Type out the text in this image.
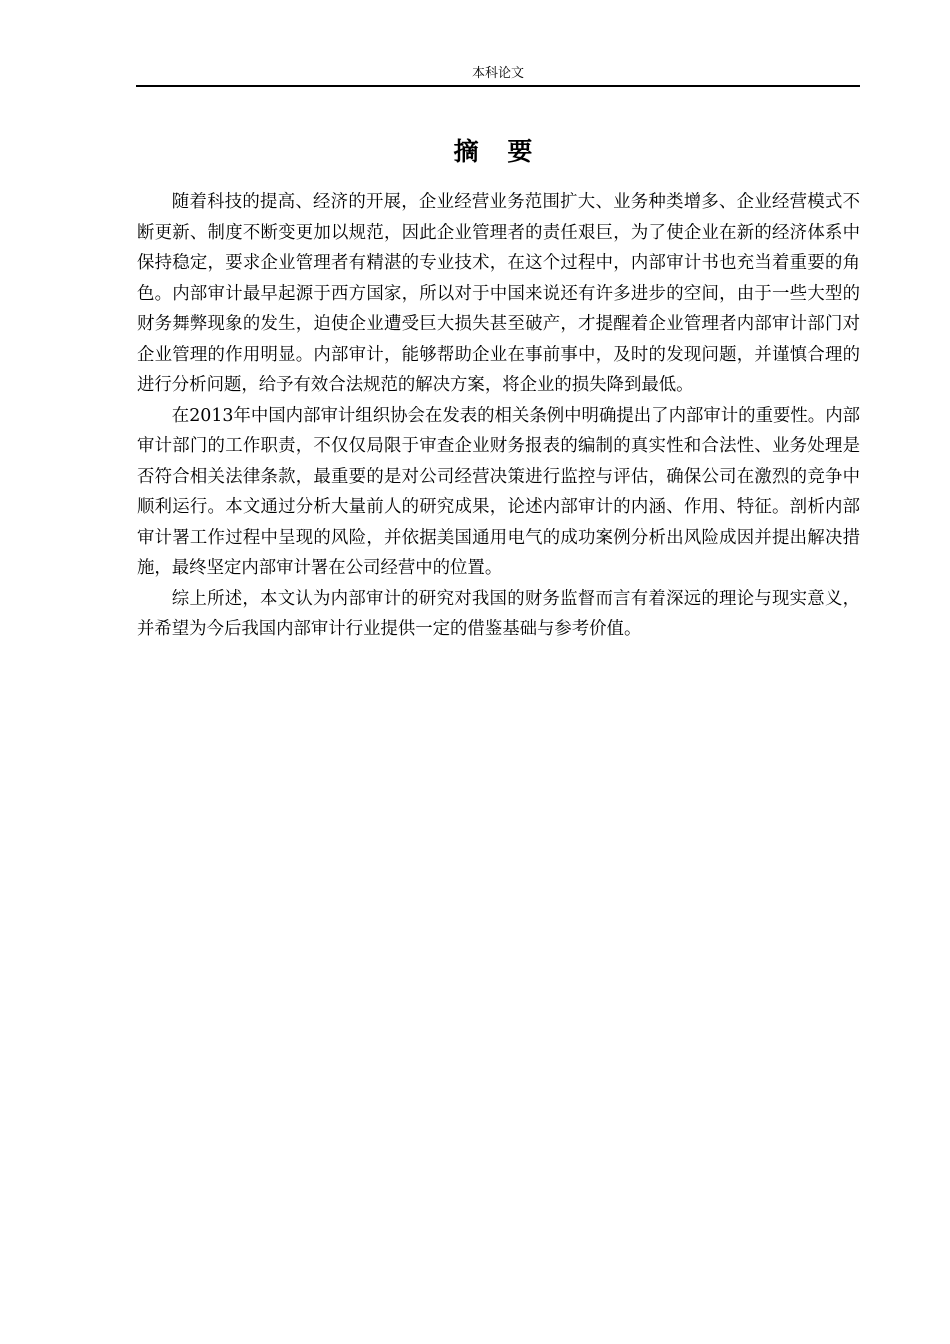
本科论文
摘 要

随着科技的提高、经济的开展，企业经营业务范围扩大、业务种类增多、企业经营模式不断更新、制度不断变更加以规范，因此企业管理者的责任艰巨，为了使企业在新的经济体系中保持稳定，要求企业管理者有精湛的专业技术，在这个过程中，内部审计书也充当着重要的角色。内部审计最早起源于西方国家，所以对于中国来说还有许多进步的空间，由于一些大型的财务舞弊现象的发生，迫使企业遭受巨大损失甚至破产，才提醒着企业管理者内部审计部门对企业管理的作用明显。内部审计，能够帮助企业在事前事中，及时的发现问题，并谨慎合理的进行分析问题，给予有效合法规范的解决方案，将企业的损失降到最低。

在2013年中国内部审计组织协会在发表的相关条例中明确提出了内部审计的重要性。内部审计部门的工作职责，不仅仅局限于审查企业财务报表的编制的真实性和合法性、业务处理是否符合相关法律条款，最重要的是对公司经营决策进行监控与评估，确保公司在激烈的竞争中顺利运行。本文通过分析大量前人的研究成果，论述内部审计的内涵、作用、特征。剖析内部审计署工作过程中呈现的风险，并依据美国通用电气的成功案例分析出风险成因并提出解决措施，最终坚定内部审计署在公司经营中的位置。

综上所述，本文认为内部审计的研究对我国的财务监督而言有着深远的理论与现实意义，并希望为今后我国内部审计行业提供一定的借鉴基础与参考价值。
